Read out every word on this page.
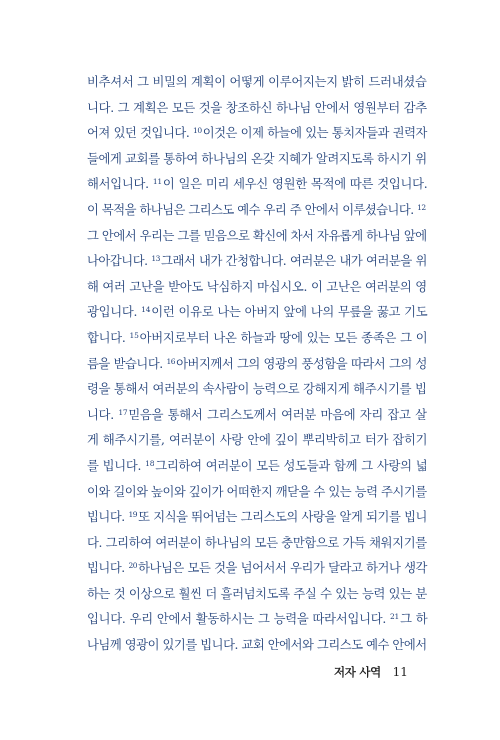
비추셔서 그 비밀의 계획이 어떻게 이루어지는지 밝히 드러내셨습
니다. 그 계획은 모든 것을 창조하신 하나님 안에서 영원부터 감추
어져 있던 것입니다. $^{10}$이것은 이제 하늘에 있는 통치자들과 권력자
들에게 교회를 통하여 하나님의 온갖 지혜가 알려지도록 하시기 위
해서입니다. $^{11}$이 일은 미리 세우신 영원한 목적에 따른 것입니다.
이 목적을 하나님은 그리스도 예수 우리 주 안에서 이루셨습니다. $^{12}$
그 안에서 우리는 그를 믿음으로 확신에 차서 자유롭게 하나님 앞에
나아갑니다. $^{13}$그래서 내가 간청합니다. 여러분은 내가 여러분을 위
해 여러 고난을 받아도 낙심하지 마십시오. 이 고난은 여러분의 영
광입니다. $^{14}$이런 이유로 나는 아버지 앞에 나의 무릎을 꿇고 기도
합니다. $^{15}$아버지로부터 나온 하늘과 땅에 있는 모든 종족은 그 이
름을 받습니다. $^{16}$아버지께서 그의 영광의 풍성함을 따라서 그의 성
령을 통해서 여러분의 속사람이 능력으로 강해지게 해주시기를 빕
니다. $^{17}$믿음을 통해서 그리스도께서 여러분 마음에 자리 잡고 살
게 해주시기를, 여러분이 사랑 안에 깊이 뿌리박히고 터가 잡히기
를 빕니다. $^{18}$그리하여 여러분이 모든 성도들과 함께 그 사랑의 넓
이와 길이와 높이와 깊이가 어떠한지 깨닫을 수 있는 능력 주시기를
빕니다. $^{19}$또 지식을 뛰어넘는 그리스도의 사랑을 알게 되기를 빕니
다. 그리하여 여러분이 하나님의 모든 충만함으로 가득 채워지기를
빕니다. $^{20}$하나님은 모든 것을 넘어서서 우리가 달라고 하거나 생각
하는 것 이상으로 훨씬 더 흘러넘치도록 주실 수 있는 능력 있는 분
입니다. 우리 안에서 활동하시는 그 능력을 따라서입니다. $^{21}$그 하
나님께 영광이 있기를 빕니다. 교회 안에서와 그리스도 예수 안에서
저자 사역 11
